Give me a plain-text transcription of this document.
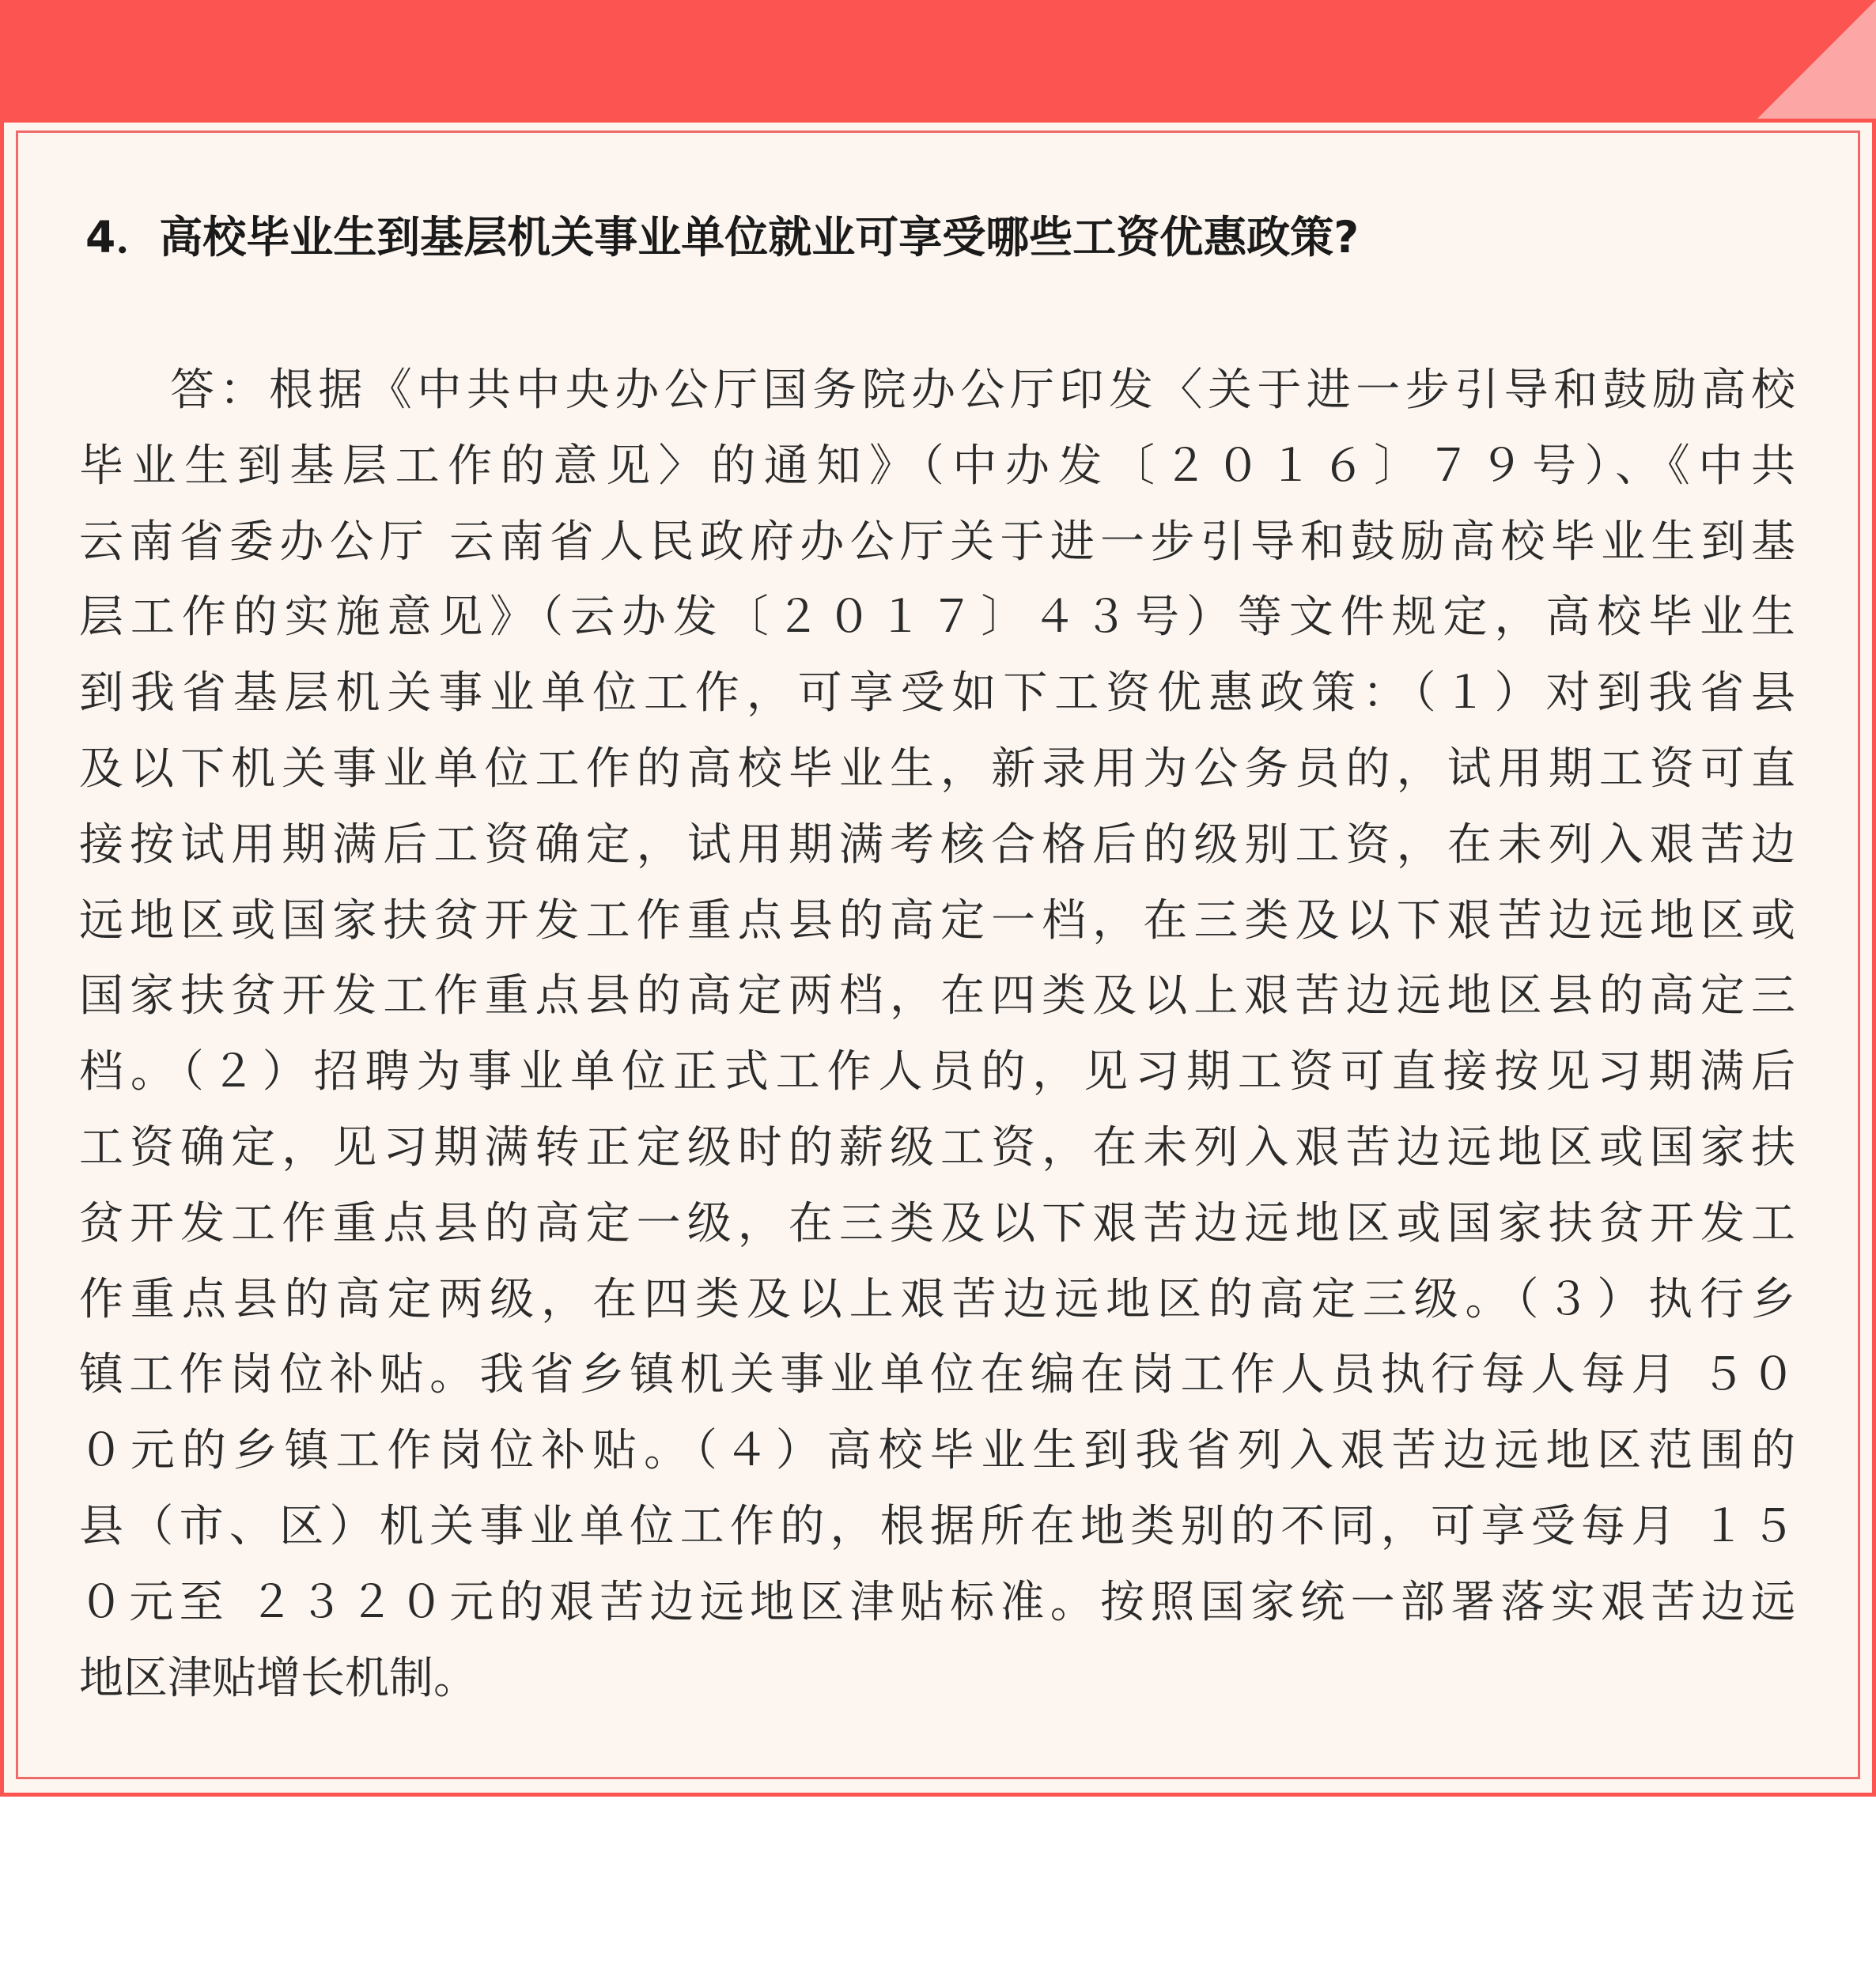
4．高校毕业生到基层机关事业单位就业可享受哪些工资优惠政策?
答：根据《中共中央办公厅国务院办公厅印发〈关于进一步引导和鼓励高校
毕业生到基层工作的意见〉的通知》（中办发〔２０１６〕７９号）、《中共
云南省委办公厅 云南省人民政府办公厅关于进一步引导和鼓励高校毕业生到基
层工作的实施意见》（云办发〔２０１７〕４３号）等文件规定，高校毕业生
到我省基层机关事业单位工作，可享受如下工资优惠政策：（１）对到我省县
及以下机关事业单位工作的高校毕业生，新录用为公务员的，试用期工资可直
接按试用期满后工资确定，试用期满考核合格后的级别工资，在未列入艰苦边
远地区或国家扶贫开发工作重点县的高定一档，在三类及以下艰苦边远地区或
国家扶贫开发工作重点县的高定两档，在四类及以上艰苦边远地区县的高定三
档。（２）招聘为事业单位正式工作人员的，见习期工资可直接按见习期满后
工资确定，见习期满转正定级时的薪级工资，在未列入艰苦边远地区或国家扶
贫开发工作重点县的高定一级，在三类及以下艰苦边远地区或国家扶贫开发工
作重点县的高定两级，在四类及以上艰苦边远地区的高定三级。（３）执行乡
镇工作岗位补贴。我省乡镇机关事业单位在编在岗工作人员执行每人每月 ５０
０元的乡镇工作岗位补贴。（４）高校毕业生到我省列入艰苦边远地区范围的
县（市、区）机关事业单位工作的，根据所在地类别的不同，可享受每月 １５
０元至 ２３２０元的艰苦边远地区津贴标准。按照国家统一部署落实艰苦边远
地区津贴增长机制。
